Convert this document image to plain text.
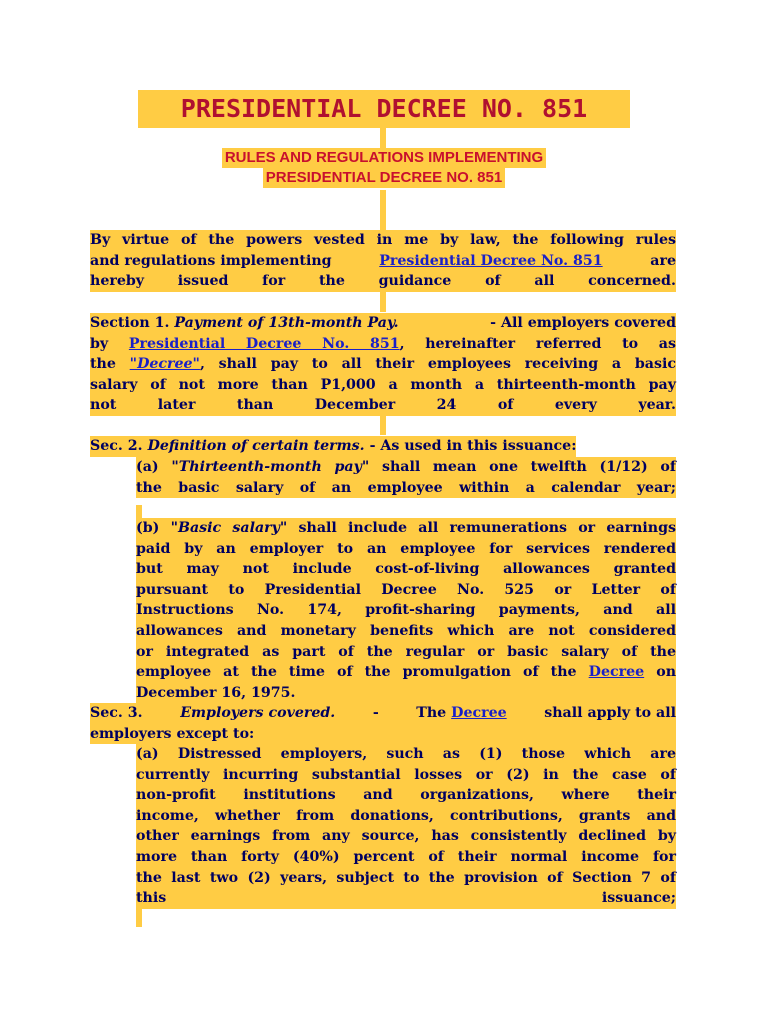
PRESIDENTIAL DECREE NO. 851
RULES AND REGULATIONS IMPLEMENTING
PRESIDENTIAL DECREE NO. 851
By virtue of the powers vested in me by law, the following rules
and regulations implementing	Presidential Decree No. 851	are
hereby issued for the guidance of all concerned.
Section 1. Payment of 13th-month Pay.	- All employers covered
by Presidential Decree No. 851, hereinafter referred to as
the "Decree", shall pay to all their employees receiving a basic
salary of not more than P1,000 a month a thirteenth-month pay
not	later	than	December	24	of	every	year.
Sec. 2. Definition of certain terms. - As used in this issuance:
(a) "Thirteenth-month pay" shall mean one twelfth (1/12) of
the basic salary of an employee within a calendar year;
(b) "Basic salary" shall include all remunerations or earnings
paid by an employer to an employee for services rendered
but may not include cost-of-living allowances granted
pursuant to Presidential Decree No. 525 or Letter of
Instructions No. 174, profit-sharing payments, and all
allowances and monetary benefits which are not considered
or integrated as part of the regular or basic salary of the
employee at the time of the promulgation of the Decree on
December 16, 1975.
Sec. 3.	Employers covered.	-	The Decree	shall apply to all
employers except to:
(a) Distressed employers, such as (1) those which are
currently incurring substantial losses or (2) in the case of
non-profit institutions and organizations, where their
income, whether from donations, contributions, grants and
other earnings from any source, has consistently declined by
more than forty (40%) percent of their normal income for
the last two (2) years, subject to the provision of Section 7 of
this	issuance;
